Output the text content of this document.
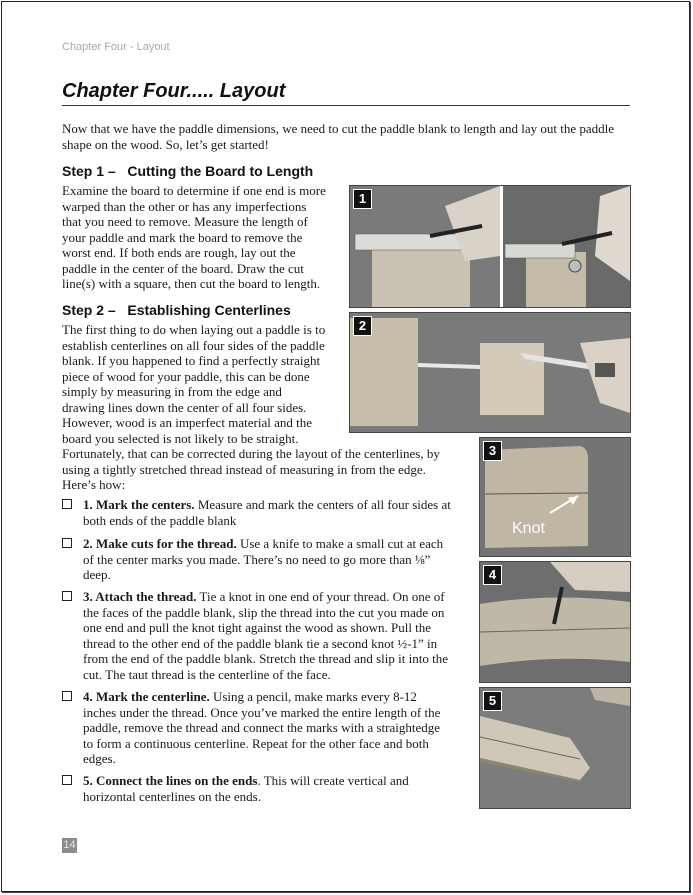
Chapter Four - Layout
Chapter Four..... Layout

Now that we have the paddle dimensions, we need to cut the paddle blank to length and lay out the paddle shape on the wood. So, let’s get started!

Step 1 –   Cutting the Board to Length
Examine the board to determine if one end is more
warped than the other or has any imperfections
that you need to remove. Measure the length of
your paddle and mark the board to remove the
worst end. If both ends are rough, lay out the
paddle in the center of the board. Draw the cut
line(s) with a square, then cut the board to length.
Step 2 –   Establishing Centerlines
The first thing to do when laying out a paddle is to
establish centerlines on all four sides of the paddle
blank. If you happened to find a perfectly straight
piece of wood for your paddle, this can be done
simply by measuring in from the edge and
drawing lines down the center of all four sides.
However, wood is an imperfect material and the
board you selected is not likely to be straight.
Fortunately, that can be corrected during the layout of the centerlines, by
using a tightly stretched thread instead of measuring in from the edge.
Here’s how:

1. Mark the centers. Measure and mark the centers of all four sides at
both ends of the paddle blank

2. Make cuts for the thread. Use a knife to make a small cut at each
of the center marks you made. There’s no need to go more than ⅛”
deep.

3. Attach the thread. Tie a knot in one end of your thread. On one of
the faces of the paddle blank, slip the thread into the cut you made on
one end and pull the knot tight against the wood as shown. Pull the
thread to the other end of the paddle blank tie a second knot ½-1” in
from the end of the paddle blank. Stretch the thread and slip it into the
cut. The taut thread is the centerline of the face.

4. Mark the centerline. Using a pencil, make marks every 8-12
inches under the thread. Once you’ve marked the entire length of the
paddle, remove the thread and connect the marks with a straightedge
to form a continuous centerline. Repeat for the other face and both
edges.

5. Connect the lines on the ends. This will create vertical and
horizontal centerlines on the ends.

1
2
3
Knot
4
5
14
